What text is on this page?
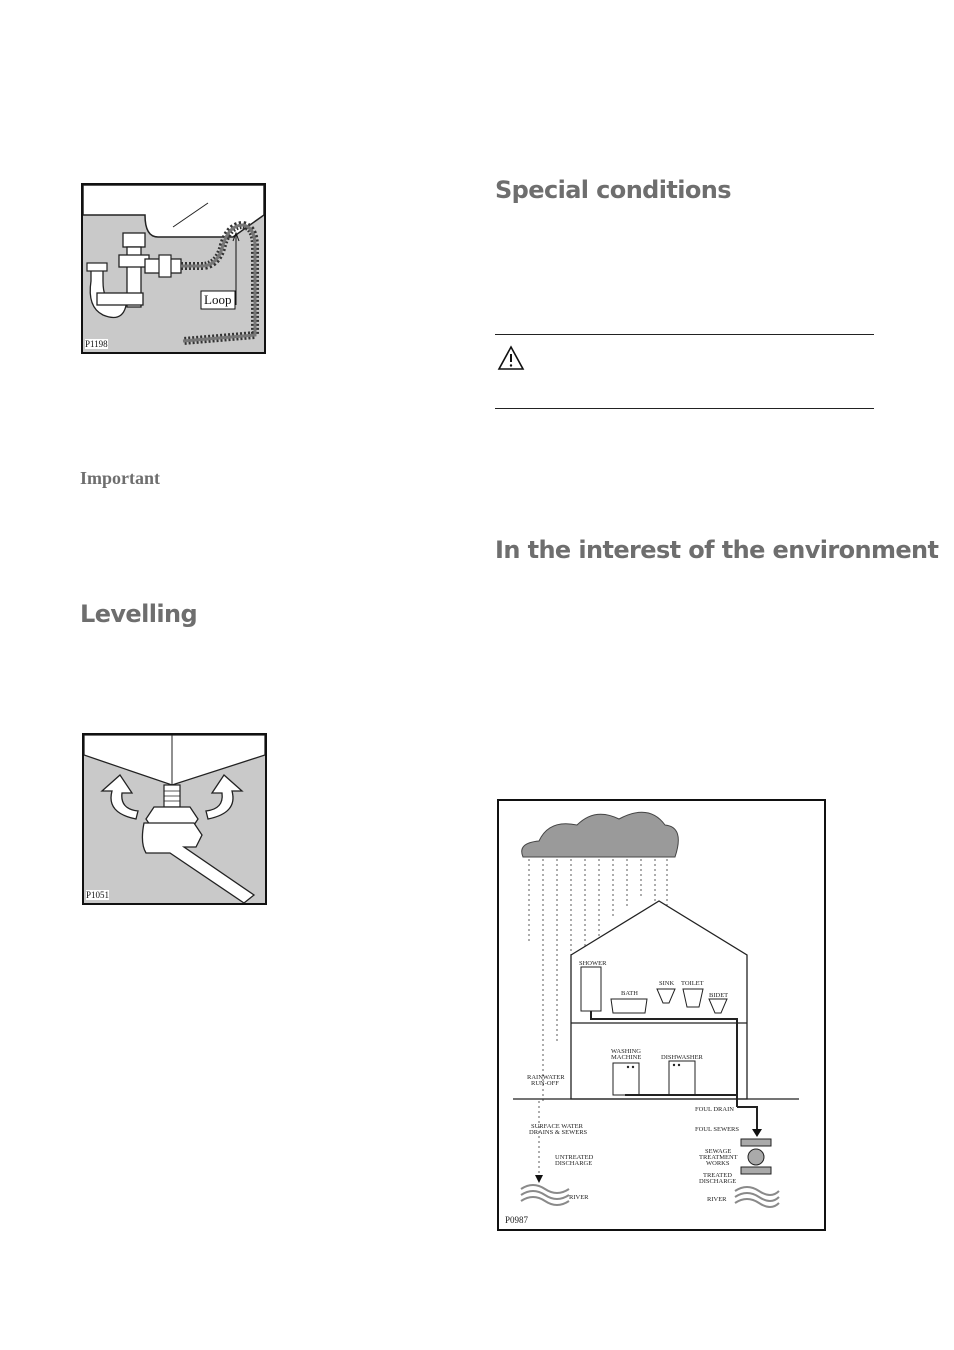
Loop
P1198

Important

Levelling
P1051
Special conditions
In the interest of the environment
SHOWER
BATH
SINK TOILET
BIDET
WASHING
MACHINE	DISHWASHER
RAINWATER
RUN-OFF
SURFACE WATER
DRAINS & SEWERS
UNTREATED
DISCHARGE
RIVER
FOUL DRAIN
FOUL SEWERS
SEWAGE
TREATMENT
WORKS
TREATED
DISCHARGE
RIVER
P0987
